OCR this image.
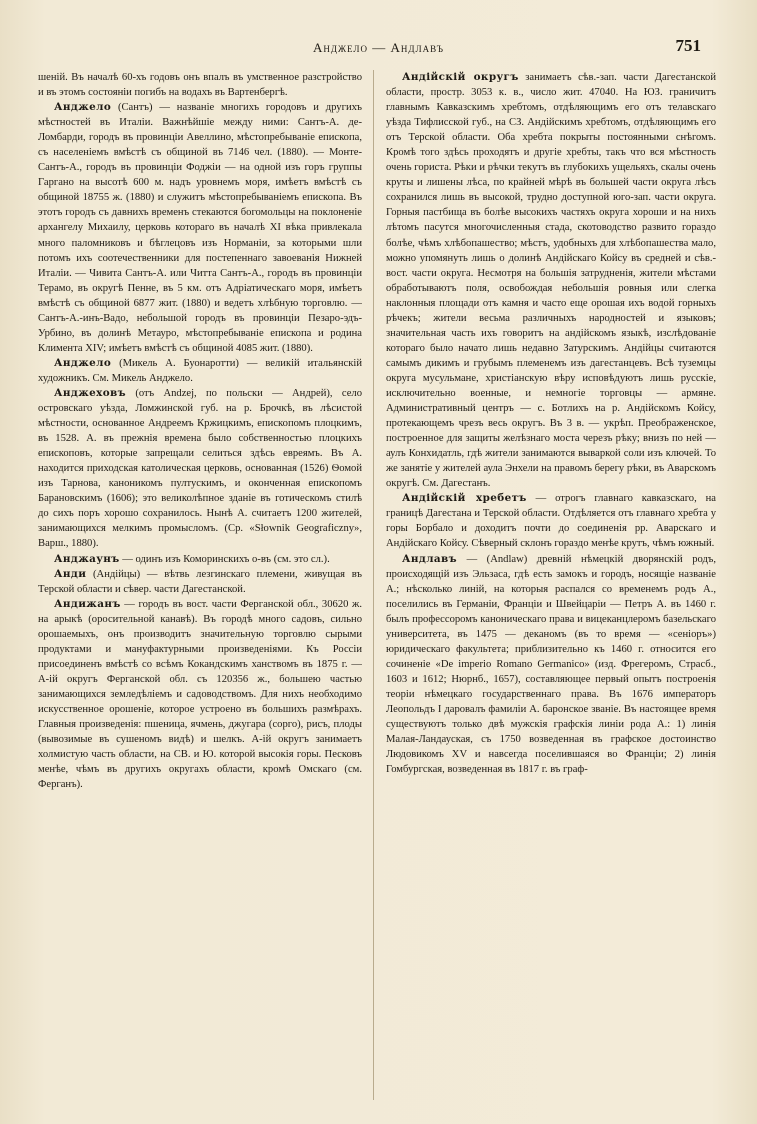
Анджело — Андлавъ	751

шеній. Въ началѣ 60-хъ годовъ онъ впалъ въ умственное разстройство и въ этомъ состояніи погибъ на водахъ въ Вартенбергѣ.

Анджело (Сантъ) — названіе многихъ городовъ и другихъ мѣстностей въ Италіи. Важнѣйшіе между ними: Сантъ-А. де-Ломбарди, городъ въ провинціи Авеллино, мѣстопребываніе епископа, съ населеніемъ вмѣстѣ съ общиной въ 7146 чел. (1880). — Монте-Сантъ-А., городъ въ провинціи Фоджіи — на одной изъ горъ группы Гаргано на высотѣ 600 м. надъ уровнемъ моря, имѣетъ вмѣстѣ съ общиной 18755 ж. (1880) и служитъ мѣстопребываніемъ епископа. Въ этотъ городъ съ давнихъ временъ стекаются богомольцы на поклоненіе архангелу Михаилу, церковь котораго въ началѣ XI вѣка привлекала много паломниковъ и бѣглецовъ изъ Норманіи, за которыми шли потомъ ихъ соотечественники для постепеннаго завоеванія Нижней Италіи. — Чивита Сантъ-А. или Читта Сантъ-А., городъ въ провинціи Терамо, въ округѣ Пенне, въ 5 км. отъ Адріатическаго моря, имѣетъ вмѣстѣ съ общиной 6877 жит. (1880) и ведетъ хлѣбную торговлю. — Сантъ-А.-инъ-Вадо, небольшой городъ въ провинціи Пезаро-эдъ-Урбино, въ долинѣ Метауро, мѣстопребываніе епископа и родина Климента XIV; имѣетъ вмѣстѣ съ общиной 4085 жит. (1880).

Анджело (Микель А. Буонаротти) — великій итальянскій художникъ. См. Микель Анджело.

Анджеховъ (отъ Andzej, по польски — Андрей), село островскаго уѣзда, Ломжинской губ. на р. Брочкѣ, въ лѣсистой мѣстности, основанное Андреемъ Кржицкимъ, епископомъ плоцкимъ, въ 1528. А. въ прежнія времена было собственностью плоцкихъ епископовъ, которые запрещали селиться здѣсь евреямъ. Въ А. находится приходская католическая церковь, основанная (1526) Ѳомой изъ Тарнова, каноникомъ пултускимъ, и оконченная епископомъ Барановскимъ (1606); это великолѣпное зданіе въ готическомъ стилѣ до сихъ поръ хорошо сохранилось. Нынѣ А. считаетъ 1200 жителей, занимающихся мелкимъ промысломъ. (Ср. «Słownik Geograficzny», Варш., 1880).

Анджаунъ — одинъ изъ Коморинскихъ о-въ (см. это сл.).

Анди (Андійцы) — вѣтвь лезгинскаго племени, живущая въ Терской области и сѣвер. части Дагестанской.

Андижанъ — городъ въ вост. части Ферганской обл., 30620 ж. на арыкѣ (оросительной канавѣ). Въ городѣ много садовъ, сильно орошаемыхъ, онъ производитъ значительную торговлю сырыми продуктами и мануфактурными произведеніями. Къ Россіи присоединенъ вмѣстѣ со всѣмъ Кокандскимъ ханствомъ въ 1875 г. — А-ій округъ Ферганской обл. съ 120356 ж., большею частью занимающихся земледѣліемъ и садоводствомъ. Для нихъ необходимо искусственное орошеніе, которое устроено въ большихъ размѣрахъ. Главныя произведенія: пшеница, ячмень, джугара (сорго), рисъ, плоды (вывозимые въ сушеномъ видѣ) и шелкъ. А-ій округъ занимаетъ холмистую часть области, на СВ. и Ю. которой высокія горы. Песковъ менѣе, чѣмъ въ другихъ округахъ области, кромѣ Омскаго (см. Ферганъ).

Андійскій округъ занимаетъ сѣв.-зап. части Дагестанской области, простр. 3053 к. в., число жит. 47040. На ЮЗ. граничитъ главнымъ Кавказскимъ хребтомъ, отдѣляющимъ его отъ телавскаго уѣзда Тифлисской губ., на СЗ. Андійскимъ хребтомъ, отдѣляющимъ его отъ Терской области. Оба хребта покрыты постоянными снѣгомъ. Кромѣ того здѣсь проходятъ и другіе хребты, такъ что вся мѣстность очень гориста. Рѣки и рѣчки текутъ въ глубокихъ ущельяхъ, скалы очень круты и лишены лѣса, по крайней мѣрѣ въ большей части округа лѣсъ сохранился лишь въ высокой, трудно доступной юго-зап. части округа. Горныя пастбища въ болѣе высокихъ частяхъ округа хороши и на нихъ лѣтомъ пасутся многочисленныя стада, скотоводство развито гораздо болѣе, чѣмъ хлѣбопашество; мѣстъ, удобныхъ для хлѣбопашества мало, можно упомянуть лишь о долинѣ Андійскаго Койсу въ средней и сѣв.-вост. части округа. Несмотря на большія затрудненія, жители мѣстами обработываютъ поля, освобождая небольшія ровныя или слегка наклонныя площади отъ камня и часто еще орошая ихъ водой горныхъ рѣчекъ; жители весьма различныхъ народностей и языковъ; значительная часть ихъ говоритъ на андійскомъ языкѣ, изслѣдованіе котораго было начато лишь недавно Затурскимъ. Андійцы считаются самымъ дикимъ и грубымъ племенемъ изъ дагестанцевъ. Всѣ туземцы округа мусульмане, христіанскую вѣру исповѣдуютъ лишь русскіе, исключительно военные, и немногіе торговцы — армяне. Административный центръ — с. Ботлихъ на р. Андійскомъ Койсу, протекающемъ чрезъ весь округъ. Въ 3 в. — укрѣп. Преображенское, построенное для защиты желѣзнаго моста черезъ рѣку; внизъ по ней — аулъ Конхидатль, гдѣ жители занимаются вываркой соли изъ ключей. То же занятіе у жителей аула Энхели на правомъ берегу рѣки, въ Аварскомъ округѣ. См. Дагестанъ.

Андійскій хребетъ — отрогъ главнаго кавказскаго, на границѣ Дагестана и Терской области. Отдѣляется отъ главнаго хребта у горы Борбало и доходитъ почти до соединенія рр. Аварскаго и Андійскаго Койсу. Сѣверный склонъ гораздо менѣе крутъ, чѣмъ южный.

Андлавъ — (Andlaw) древній нѣмецкій дворянскій родъ, происходящій изъ Эльзаса, гдѣ есть замокъ и городъ, носящіе названіе А.; нѣсколько линій, на которыя распался со временемъ родъ А., поселились въ Германіи, Франціи и Швейцаріи — Петръ А. въ 1460 г. былъ профессоромъ каноническаго права и вицеканцлеромъ базельскаго университета, въ 1475 — деканомъ (въ то время — «сеніоръ») юридическаго факультета; приблизительно къ 1460 г. относится его сочиненіе «De imperio Romano Germanico» (изд. Фрегеромъ, Страсб., 1603 и 1612; Нюрнб., 1657), составляющее первый опытъ построенія теоріи нѣмецкаго государственнаго права. Въ 1676 императоръ Леопольдъ I даровалъ фамиліи А. баронское званіе. Въ настоящее время существуютъ только двѣ мужскія графскія линіи рода А.: 1) линія Малая-Ландауская, съ 1750 возведенная въ графское достоинство Людовикомъ XV и навсегда поселившаяся во Франціи; 2) линія Гомбургская, возведенная въ 1817 г. въ граф-
